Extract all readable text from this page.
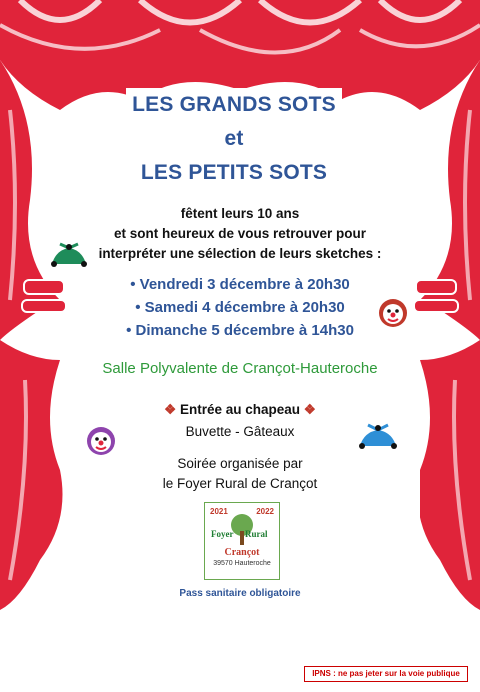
LES GRANDS SOTS
et
LES PETITS SOTS
fêtent leurs 10 ans
et sont heureux de vous retrouver pour
interpréter une sélection de leurs sketches :
• Vendredi 3 décembre à 20h30
• Samedi 4 décembre à 20h30
• Dimanche 5 décembre à 14h30
Salle Polyvalente de Crançot-Hauteroche
❖ Entrée au chapeau ❖
Buvette - Gâteaux
Soirée organisée par
le Foyer Rural de Crançot
2021	2022
Foyer Rural
Crançot
39570 Hauteroche
Pass sanitaire obligatoire
IPNS : ne pas jeter sur la voie publique
